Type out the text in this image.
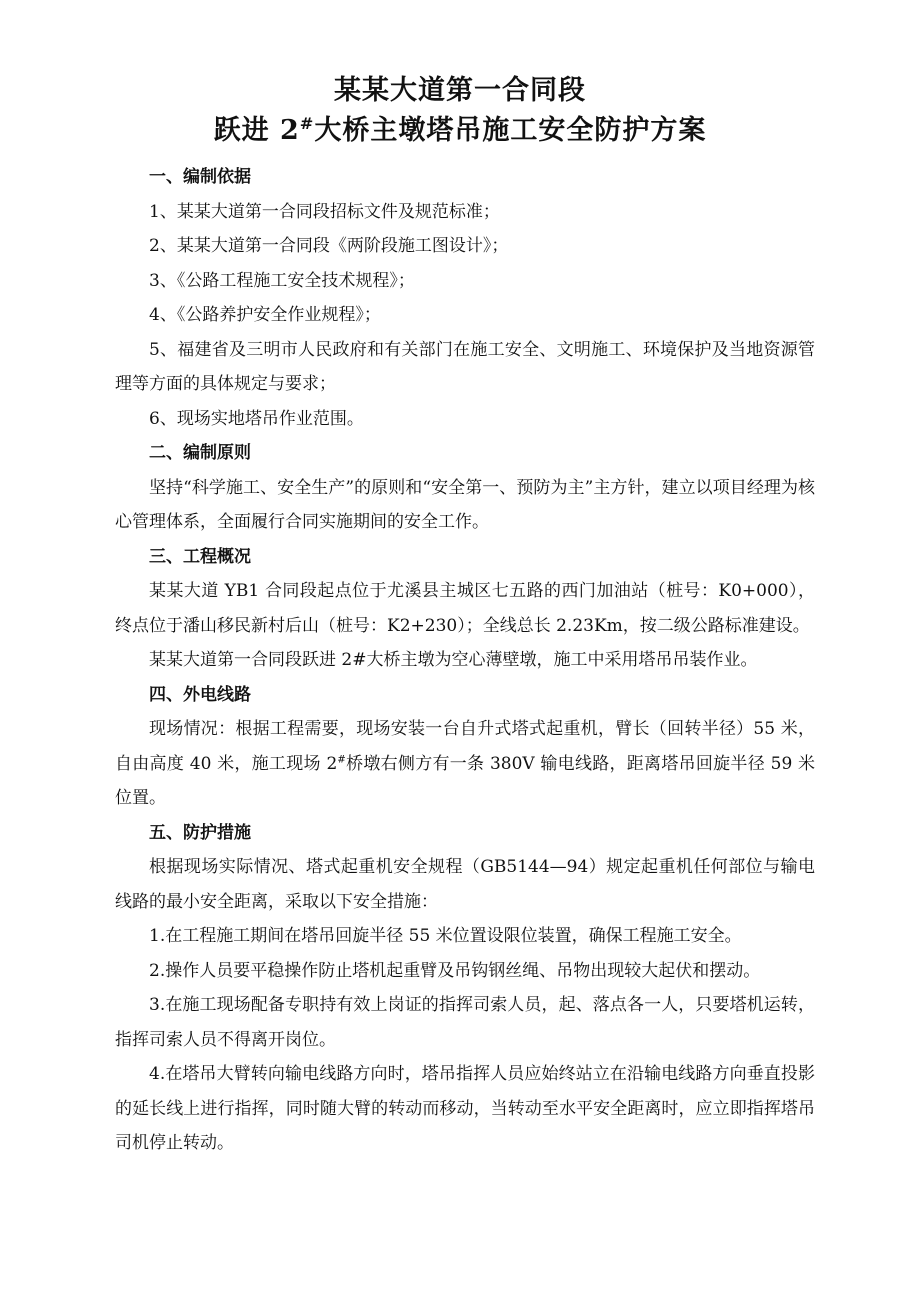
某某大道第一合同段
跃进 2#大桥主墩塔吊施工安全防护方案

一、编制依据

1、某某大道第一合同段招标文件及规范标准；

2、某某大道第一合同段《两阶段施工图设计》；

3、《公路工程施工安全技术规程》；

4、《公路养护安全作业规程》；

5、福建省及三明市人民政府和有关部门在施工安全、文明施工、环境保护及当地资源管理等方面的具体规定与要求；

6、现场实地塔吊作业范围。

二、编制原则

坚持“科学施工、安全生产”的原则和“安全第一、预防为主”主方针，建立以项目经理为核心管理体系，全面履行合同实施期间的安全工作。

三、工程概况

某某大道 YB1 合同段起点位于尤溪县主城区七五路的西门加油站（桩号：K0+000），终点位于潘山移民新村后山（桩号：K2+230）；全线总长 2.23Km，按二级公路标准建设。

某某大道第一合同段跃进 2#大桥主墩为空心薄壁墩，施工中采用塔吊吊装作业。

四、外电线路

现场情况：根据工程需要，现场安装一台自升式塔式起重机，臂长（回转半径）55 米，自由高度 40 米，施工现场 2#桥墩右侧方有一条 380V 输电线路，距离塔吊回旋半径 59 米位置。

五、防护措施

根据现场实际情况、塔式起重机安全规程（GB5144—94）规定起重机任何部位与输电线路的最小安全距离，采取以下安全措施：

1.在工程施工期间在塔吊回旋半径 55 米位置设限位装置，确保工程施工安全。

2.操作人员要平稳操作防止塔机起重臂及吊钩钢丝绳、吊物出现较大起伏和摆动。

3.在施工现场配备专职持有效上岗证的指挥司索人员，起、落点各一人，只要塔机运转，指挥司索人员不得离开岗位。

4.在塔吊大臂转向输电线路方向时，塔吊指挥人员应始终站立在沿输电线路方向垂直投影的延长线上进行指挥，同时随大臂的转动而移动，当转动至水平安全距离时，应立即指挥塔吊司机停止转动。
